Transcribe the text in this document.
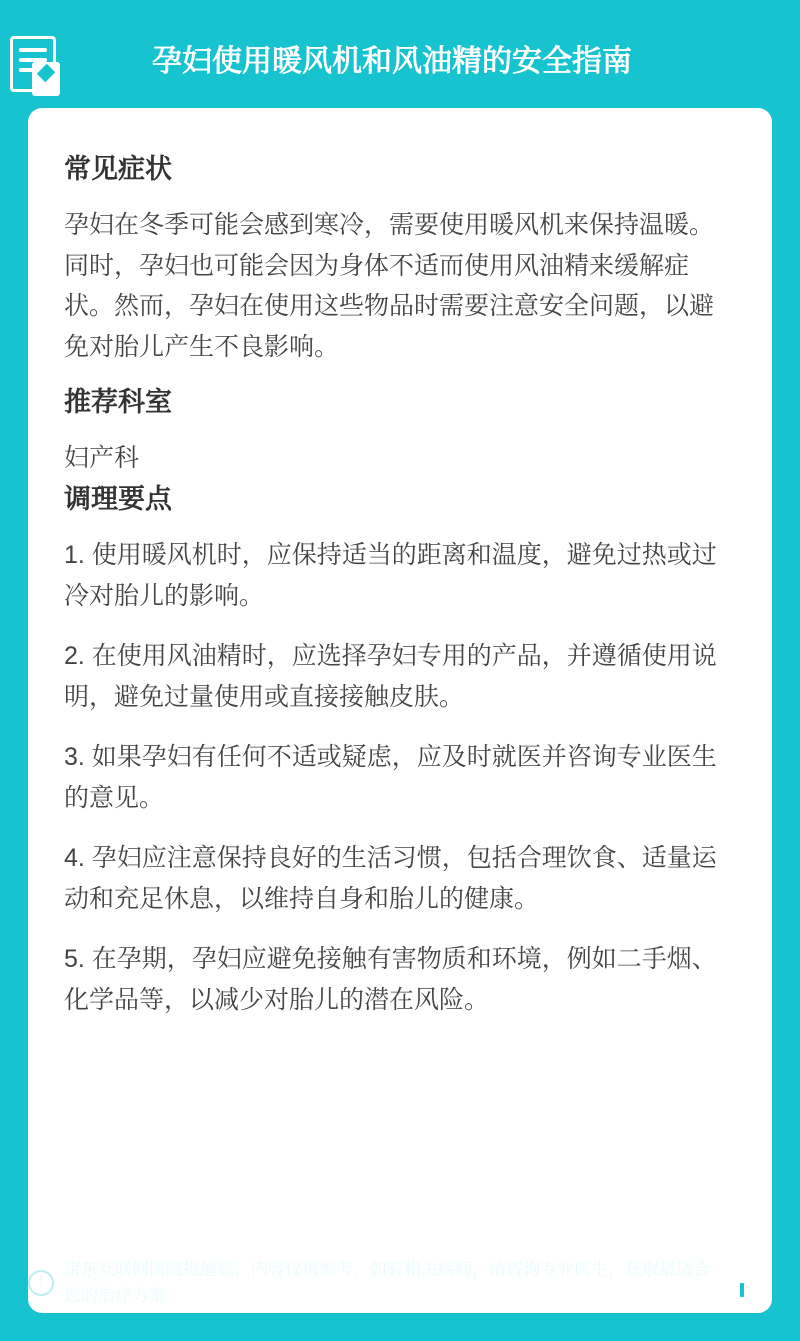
孕妇使用暖风机和风油精的安全指南
常见症状

孕妇在冬季可能会感到寒冷，需要使用暖风机来保持温暖。同时，孕妇也可能会因为身体不适而使用风油精来缓解症状。然而，孕妇在使用这些物品时需要注意安全问题，以避免对胎儿产生不良影响。

推荐科室

妇产科

调理要点
1. 使用暖风机时，应保持适当的距离和温度，避免过热或过冷对胎儿的影响。
2. 在使用风油精时，应选择孕妇专用的产品，并遵循使用说明，避免过量使用或直接接触皮肤。
3. 如果孕妇有任何不适或疑虑，应及时就医并咨询专业医生的意见。
4. 孕妇应注意保持良好的生活习惯，包括合理饮食、适量运动和充足休息，以维持自身和胎儿的健康。
5. 在孕期，孕妇应避免接触有害物质和环境，例如二手烟、化学品等，以减少对胎儿的潜在风险。
!
京东互联网医院提醒您：内容仅供参考，如有相关疾病，请咨询专业医生，获取最适合您的治疗方案
